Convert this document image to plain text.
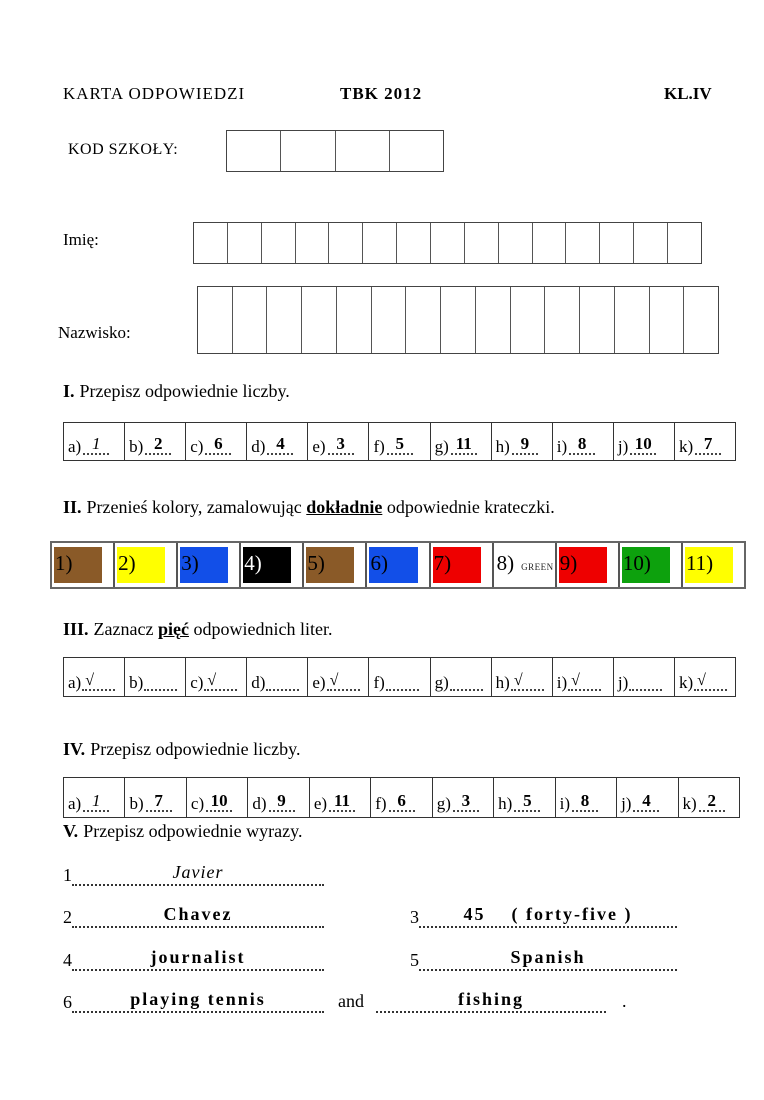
KARTA ODPOWIEDZI	TBK 2012	KL.IV
KOD SZKOŁY:
Imię:
Nazwisko:
I. Przepisz odpowiednie liczby.
a) 1	b) 2	c) 6	d) 4	e) 3	f) 5	g) 11 h) 9	i) 8	j) 10 k) 7
II. Przenieś kolory, zamalowując dokładnie odpowiednie krateczki.
1)	2)	3)	4)	5)	6)	7)	8) GREEN 9)	10)	11)
III. Zaznacz pięć odpowiednich liter.
a) √	b)	c) √	d)	e) √	f)	g)	h) √	i) √	j)	k) √
IV. Przepisz odpowiednie liczby.
a) 1	b) 7	c) 10 d) 9	e) 11 f) 6	g) 3	h) 5	i) 8	j) 4	k) 2
V. Przepisz odpowiednie wyrazy.
1	Javier
2	Chavez	3	45    ( forty-five )
4	journalist	5	Spanish
6	playing tennis	and	fishing	.
